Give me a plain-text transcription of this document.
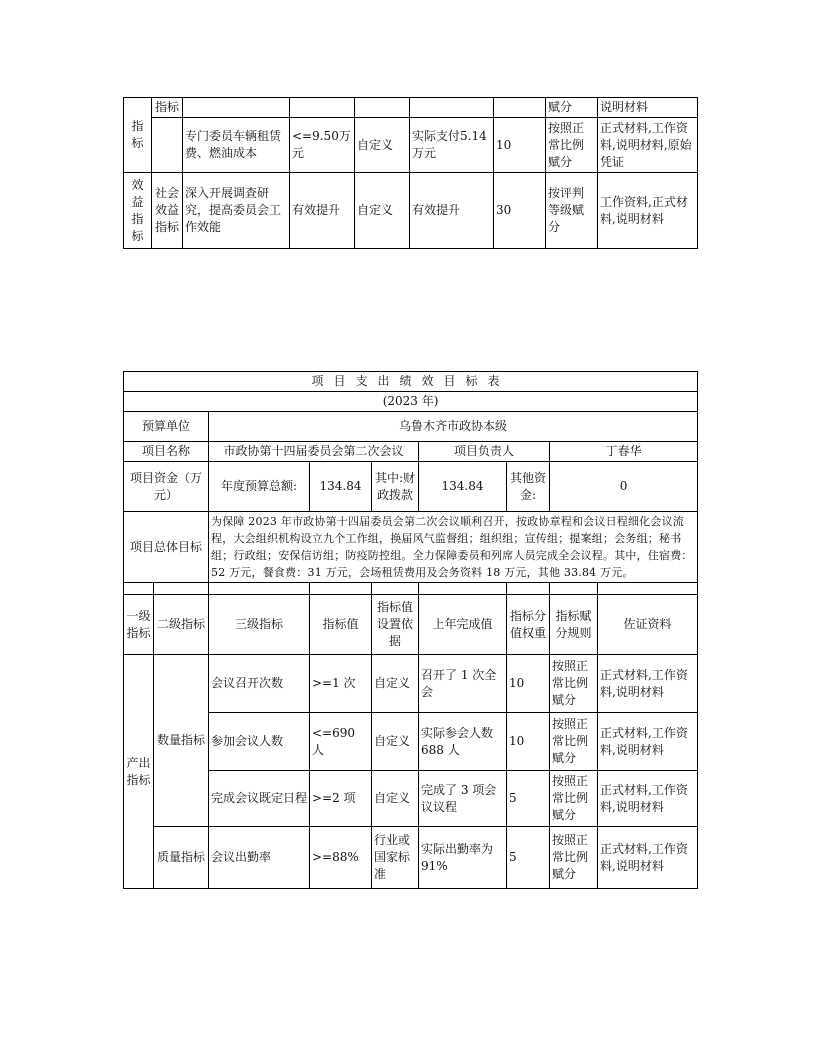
指标	指标						赋分	说明材料
		专门委员车辆租赁费、燃油成本	<=9.50万元	自定义	实际支付5.14万元	10	按照正常比例赋分	正式材料,工作资料,说明材料,原始凭证
效益指标	社会效益指标	深入开展调查研究，提高委员会工作效能	有效提升	自定义	有效提升	30	按评判等级赋分	工作资料,正式材料,说明材料
项目支出绩效目标表								
(2023 年)								
预算单位		乌鲁木齐市政协本级						
项目名称		市政协第十四届委员会第二次会议			项目负责人		丁春华	
项目资金（万元）		年度预算总额:	134.84	其中:财政拨款	134.84	其他资金:	0	
项目总体目标		为保障 2023 年市政协第十四届委员会第二次会议顺利召开，按政协章程和会议日程细化会议流程，大会组织机构设立九个工作组，换届风气监督组；组织组；宣传组；提案组；会务组；秘书组；行政组；安保信访组；防疫防控组。全力保障委员和列席人员完成全会议程。其中，住宿费：52 万元，餐食费：31 万元，会场租赁费用及会务资料 18 万元，其他 33.84 万元。						

一级指标	二级指标	三级指标	指标值	指标值设置依据	上年完成值	指标分值权重	指标赋分规则	佐证资料
产出指标	数量指标	会议召开次数	>=1 次	自定义	召开了 1 次全会	10	按照正常比例赋分	正式材料,工作资料,说明材料
		参加会议人数	<=690 人	自定义	实际参会人数 688 人	10	按照正常比例赋分	正式材料,工作资料,说明材料
		完成会议既定日程	>=2 项	自定义	完成了 3 项会议议程	5	按照正常比例赋分	正式材料,工作资料,说明材料
	质量指标	会议出勤率	>=88%	行业或国家标准	实际出勤率为 91%	5	按照正常比例赋分	正式材料,工作资料,说明材料
